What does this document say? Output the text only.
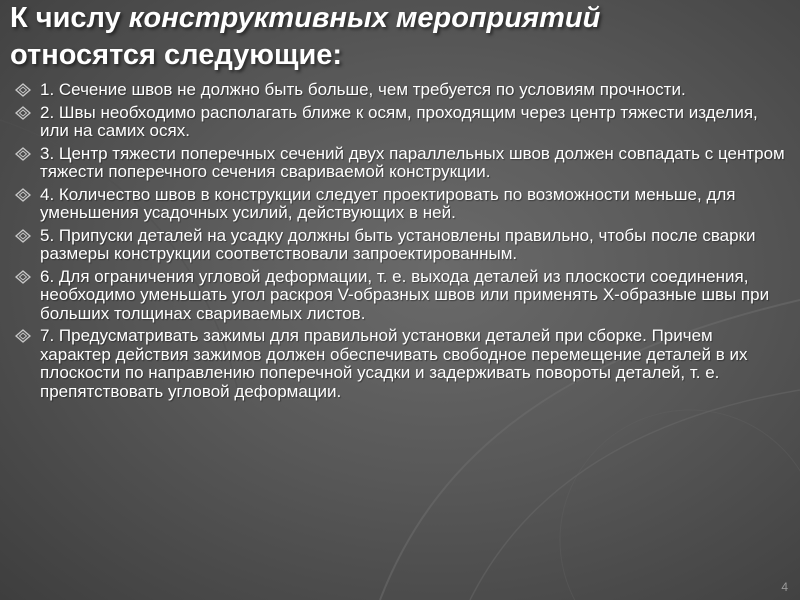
К числу конструктивных мероприятий
относятся следующие:
1. Сечение швов не должно быть больше, чем требуется по условиям прочности.
2. Швы необходимо располагать ближе к осям, проходящим через центр тяжести изделия, или на самих осях.
3. Центр тяжести поперечных сечений двух параллельных швов должен совпадать с центром тяжести поперечного сечения свариваемой конструкции.
4. Количество швов в конструкции следует проектировать по возможности меньше, для уменьшения усадочных усилий, действующих в ней.
5. Припуски деталей на усадку должны быть установлены правильно, чтобы после сварки размеры конструкции соответствовали запроектированным.
6. Для ограничения угловой деформации, т. е. выхода деталей из плоскости соединения, необходимо уменьшать угол раскроя V-образных швов или применять X-образные швы при больших толщинах свариваемых листов.
7. Предусматривать зажимы для правильной установки деталей при сборке. Причем характер действия зажимов должен обеспечивать свободное перемещение деталей в их плоскости по направлению поперечной усадки и задерживать повороты деталей, т. е. препятствовать угловой деформации.
4
